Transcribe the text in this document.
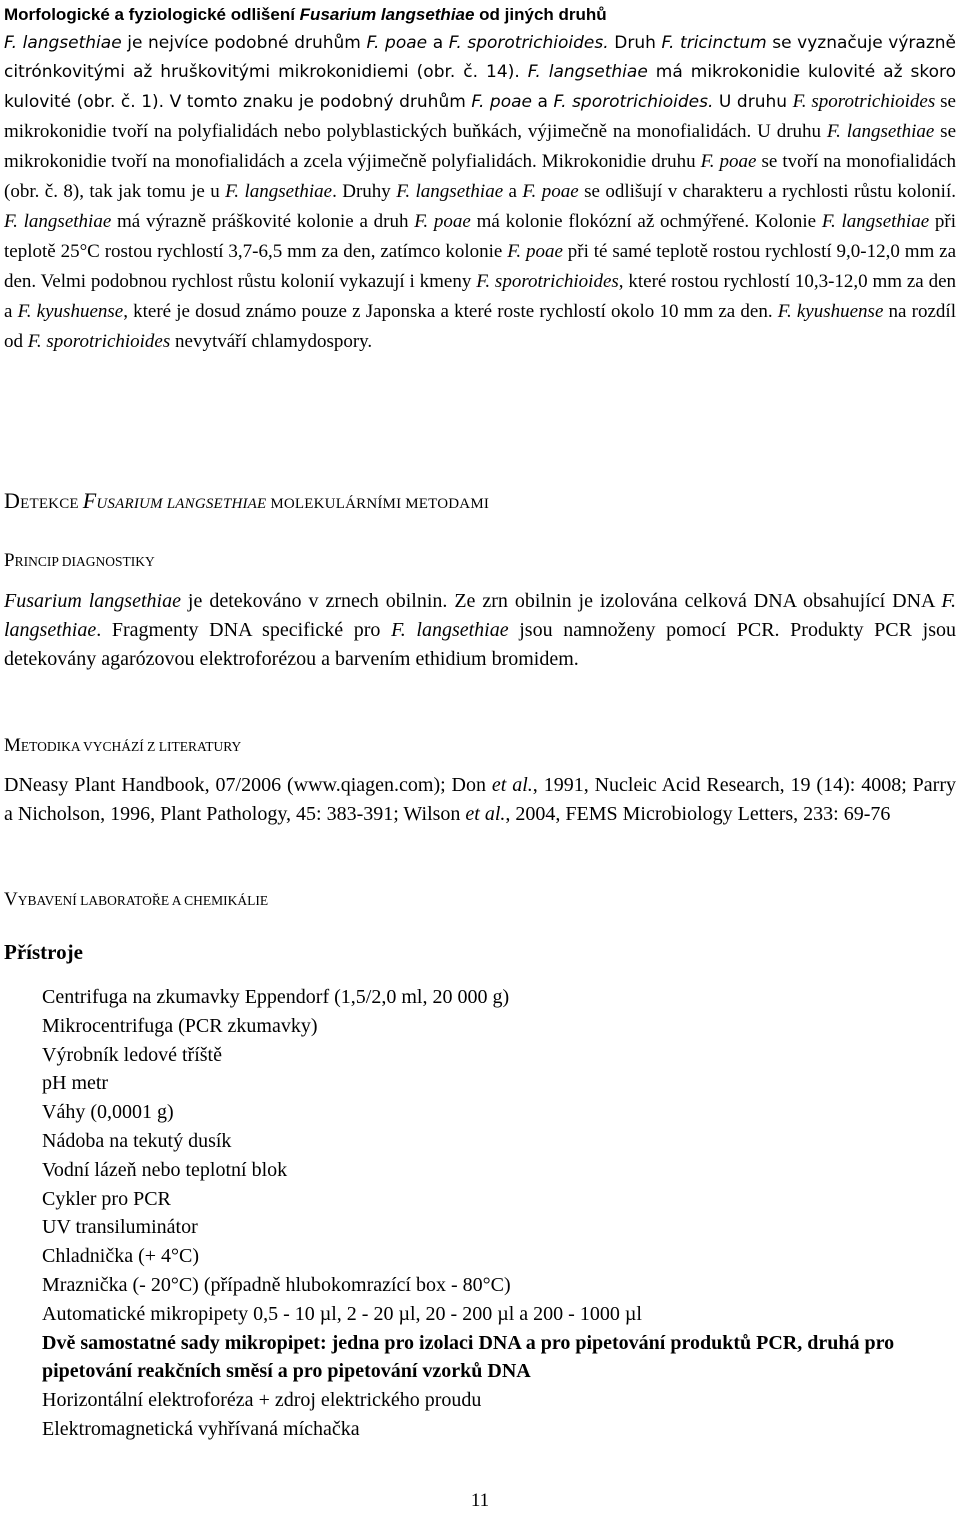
Morfologické a fyziologické odlišení Fusarium langsethiae od jiných druhů

F. langsethiae je nejvíce podobné druhům F. poae a F. sporotrichioides. Druh F. tricinctum se vyznačuje výrazně citrónkovitými až hruškovitými mikrokonidiemi (obr. č. 14). F. langsethiae má mikrokonidie kulovité až skoro kulovité (obr. č. 1). V tomto znaku je podobný druhům F. poae a F. sporotrichioides. U druhu F. sporotrichioides se mikrokonidie tvoří na polyfialidách nebo polyblastických buňkách, výjimečně na monofialidách. U druhu F. langsethiae se mikrokonidie tvoří na monofialidách a zcela výjimečně polyfialidách. Mikrokonidie druhu F. poae se tvoří na monofialidách (obr. č. 8), tak jak tomu je u F. langsethiae. Druhy F. langsethiae a F. poae se odlišují v charakteru a rychlosti růstu kolonií. F. langsethiae má výrazně práškovité kolonie a druh F. poae má kolonie flokózní až ochmýřené. Kolonie F. langsethiae při teplotě 25°C rostou rychlostí 3,7-6,5 mm za den, zatímco kolonie F. poae při té samé teplotě rostou rychlostí 9,0-12,0 mm za den. Velmi podobnou rychlost růstu kolonií vykazují i kmeny F. sporotrichioides, které rostou rychlostí 10,3-12,0 mm za den a F. kyushuense, které je dosud známo pouze z Japonska a které roste rychlostí okolo 10 mm za den. F. kyushuense na rozdíl od F. sporotrichioides nevytváří chlamydospory.

DETEKCE FUSARIUM LANGSETHIAE MOLEKULÁRNÍMI METODAMI
PRINCIP DIAGNOSTIKY

Fusarium langsethiae je detekováno v zrnech obilnin. Ze zrn obilnin je izolována celková DNA obsahující DNA F. langsethiae. Fragmenty DNA specifické pro F. langsethiae jsou namnoženy pomocí PCR. Produkty PCR jsou detekovány agarózovou elektroforézou a barvením ethidium bromidem.

METODIKA VYCHÁZÍ Z LITERATURY

DNeasy Plant Handbook, 07/2006 (www.qiagen.com); Don et al., 1991, Nucleic Acid Research, 19 (14): 4008; Parry a Nicholson, 1996, Plant Pathology, 45: 383-391; Wilson et al., 2004, FEMS Microbiology Letters, 233: 69-76

VYBAVENÍ LABORATOŘE A CHEMIKÁLIE
Přístroje
Centrifuga na zkumavky Eppendorf (1,5/2,0 ml, 20 000 g)
Mikrocentrifuga (PCR zkumavky)
Výrobník ledové tříště
pH metr
Váhy (0,0001 g)
Nádoba na tekutý dusík
Vodní lázeň nebo teplotní blok
Cykler pro PCR
UV transiluminátor
Chladnička (+ 4°C)
Mraznička (- 20°C) (případně hlubokomrazící box - 80°C)
Automatické mikropipety 0,5 - 10 µl, 2 - 20 µl, 20 - 200 µl a 200 - 1000 µl
Dvě samostatné sady mikropipet: jedna pro izolaci DNA a pro pipetování produktů PCR, druhá pro pipetování reakčních směsí a pro pipetování vzorků DNA
Horizontální elektroforéza + zdroj elektrického proudu
Elektromagnetická vyhřívaná míchačka
11
